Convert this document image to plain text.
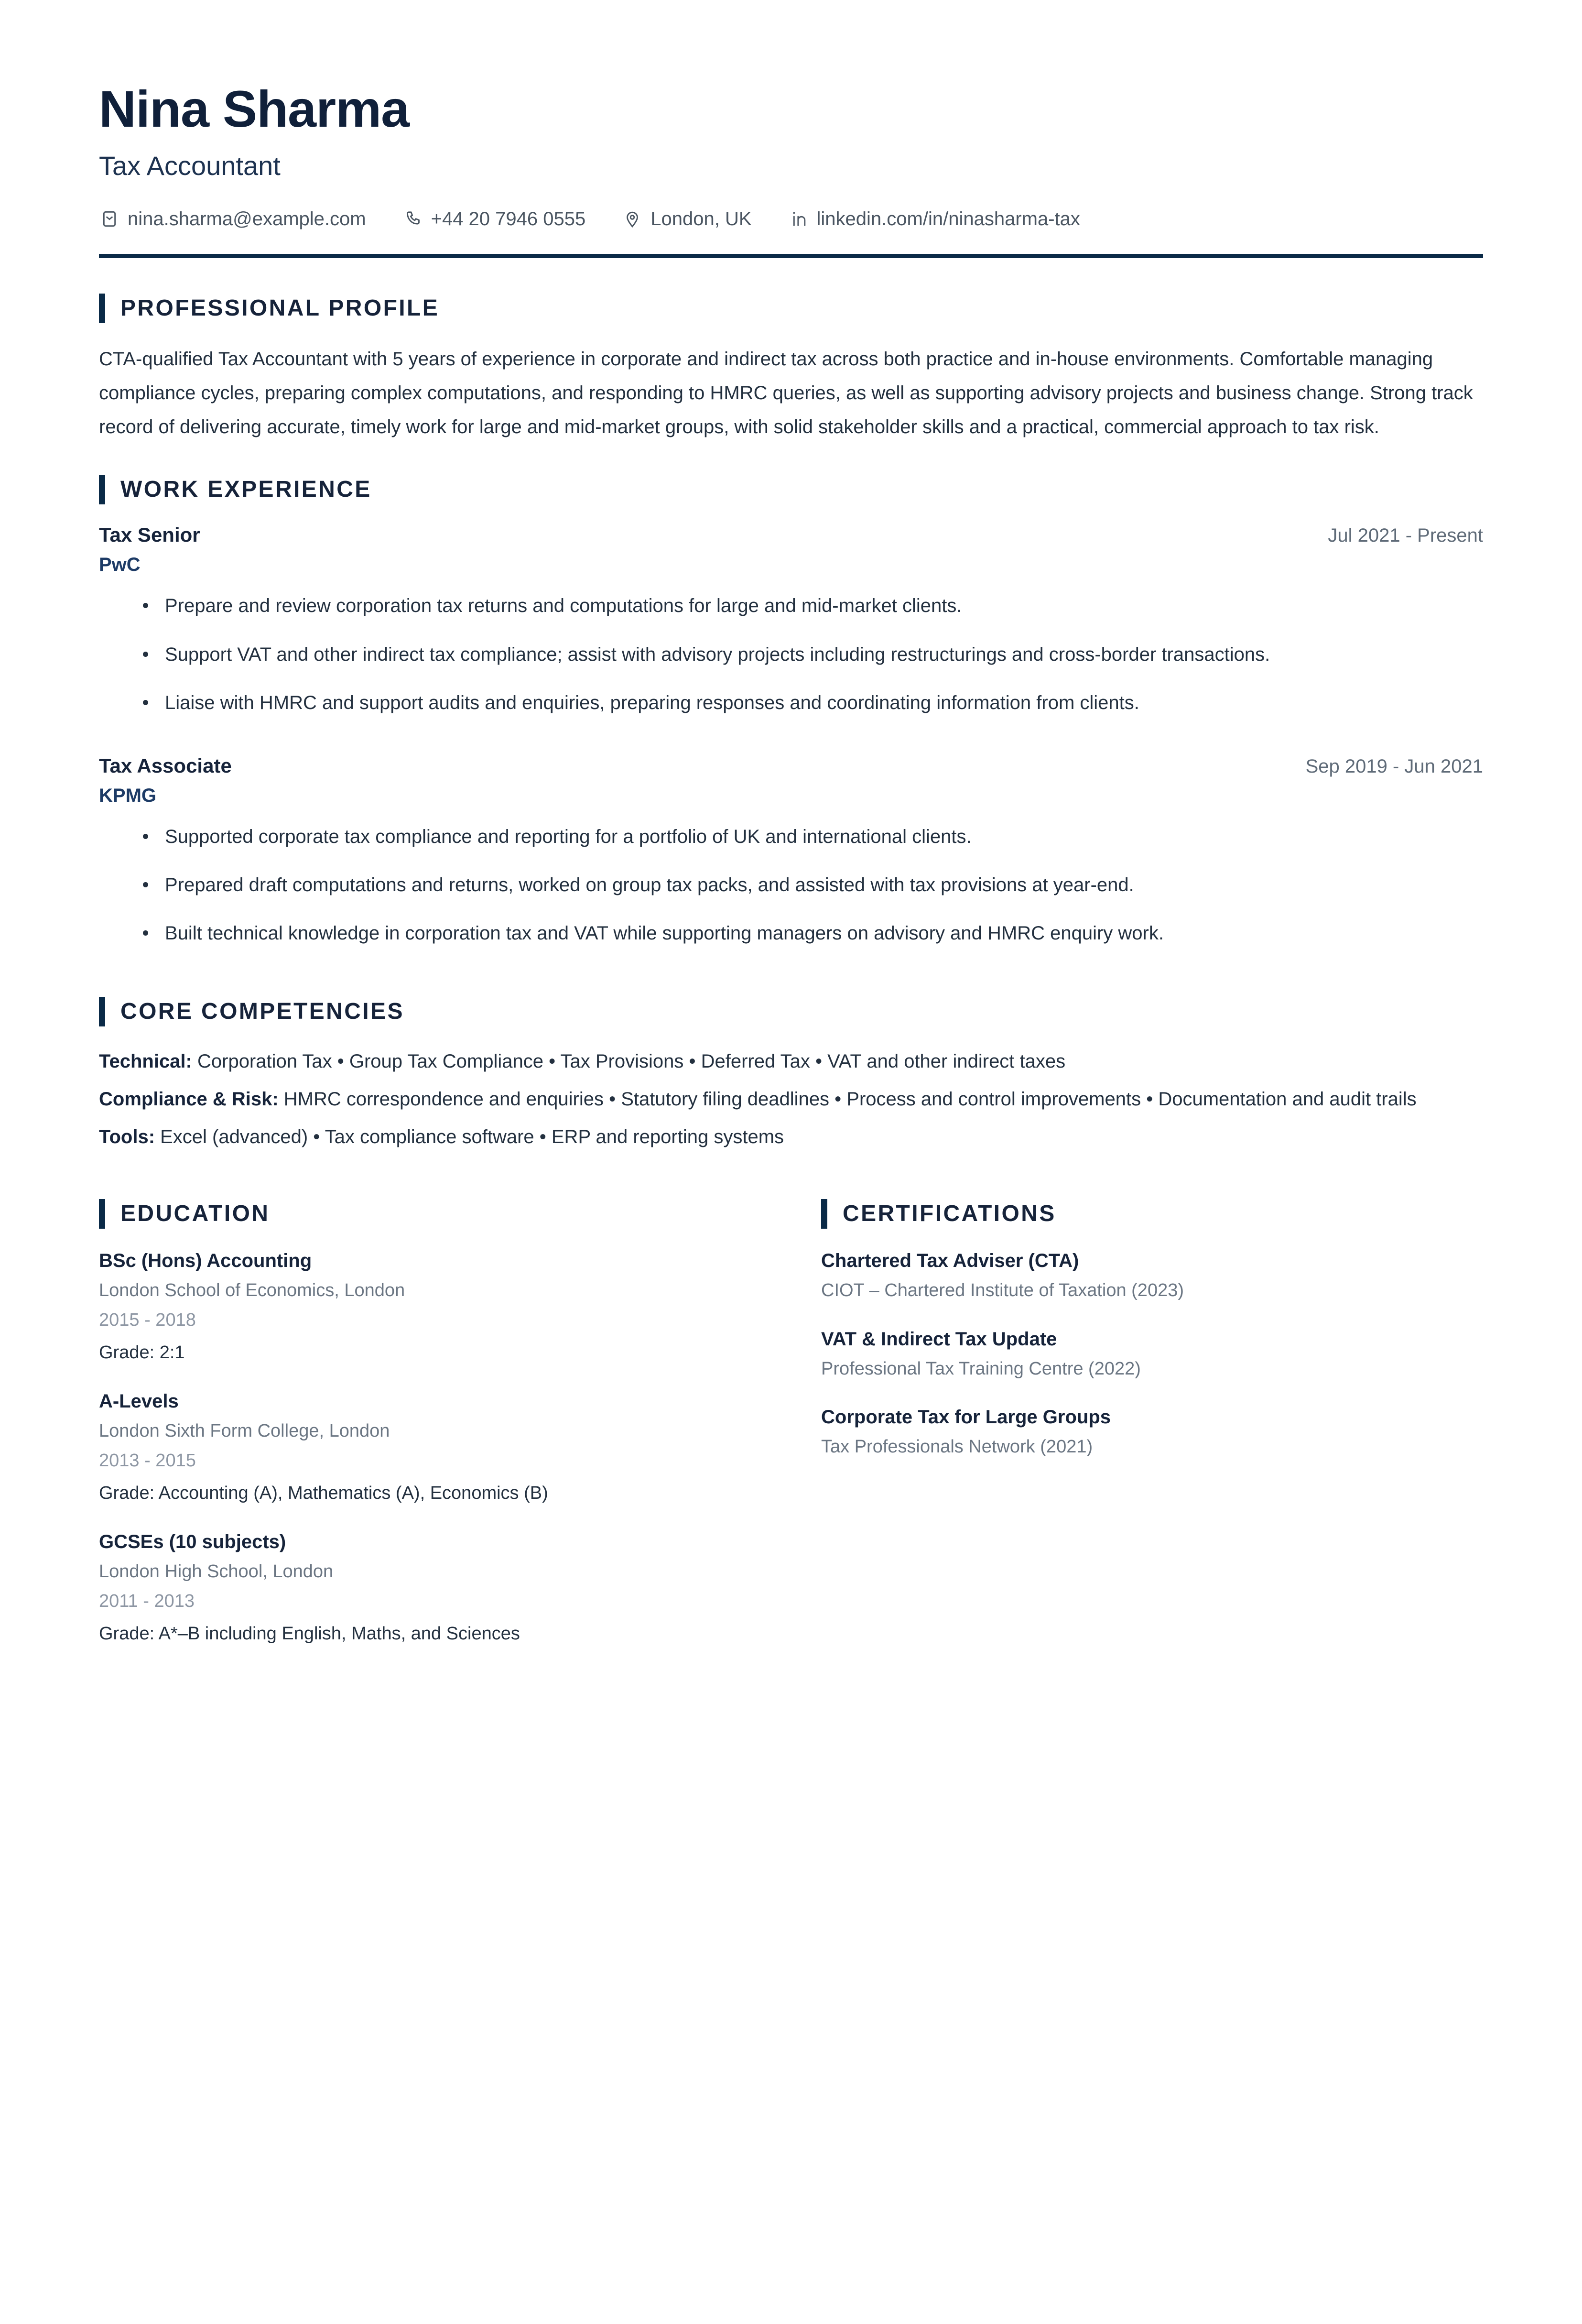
Nina Sharma
Tax Accountant
nina.sharma@example.com	+44 20 7946 0555	London, UK	linkedin.com/in/ninasharma-tax
PROFESSIONAL PROFILE

CTA-qualified Tax Accountant with 5 years of experience in corporate and indirect tax across both practice and in-house environments. Comfortable managing compliance cycles, preparing complex computations, and responding to HMRC queries, as well as supporting advisory projects and business change. Strong track record of delivering accurate, timely work for large and mid-market groups, with solid stakeholder skills and a practical, commercial approach to tax risk.

WORK EXPERIENCE
Tax Senior	Jul 2021 - Present
PwC
Prepare and review corporation tax returns and computations for large and mid-market clients.
Support VAT and other indirect tax compliance; assist with advisory projects including restructurings and cross-border transactions.
Liaise with HMRC and support audits and enquiries, preparing responses and coordinating information from clients.
Tax Associate	Sep 2019 - Jun 2021
KPMG
Supported corporate tax compliance and reporting for a portfolio of UK and international clients.
Prepared draft computations and returns, worked on group tax packs, and assisted with tax provisions at year-end.
Built technical knowledge in corporation tax and VAT while supporting managers on advisory and HMRC enquiry work.
CORE COMPETENCIES
Technical: Corporation Tax • Group Tax Compliance • Tax Provisions • Deferred Tax • VAT and other indirect taxes
Compliance & Risk: HMRC correspondence and enquiries • Statutory filing deadlines • Process and control improvements • Documentation and audit trails
Tools: Excel (advanced) • Tax compliance software • ERP and reporting systems
EDUCATION
BSc (Hons) Accounting
London School of Economics, London
2015 - 2018
Grade: 2:1
A-Levels
London Sixth Form College, London
2013 - 2015
Grade: Accounting (A), Mathematics (A), Economics (B)
GCSEs (10 subjects)
London High School, London
2011 - 2013
Grade: A*–B including English, Maths, and Sciences
CERTIFICATIONS
Chartered Tax Adviser (CTA)
CIOT – Chartered Institute of Taxation (2023)
VAT & Indirect Tax Update
Professional Tax Training Centre (2022)
Corporate Tax for Large Groups
Tax Professionals Network (2021)
